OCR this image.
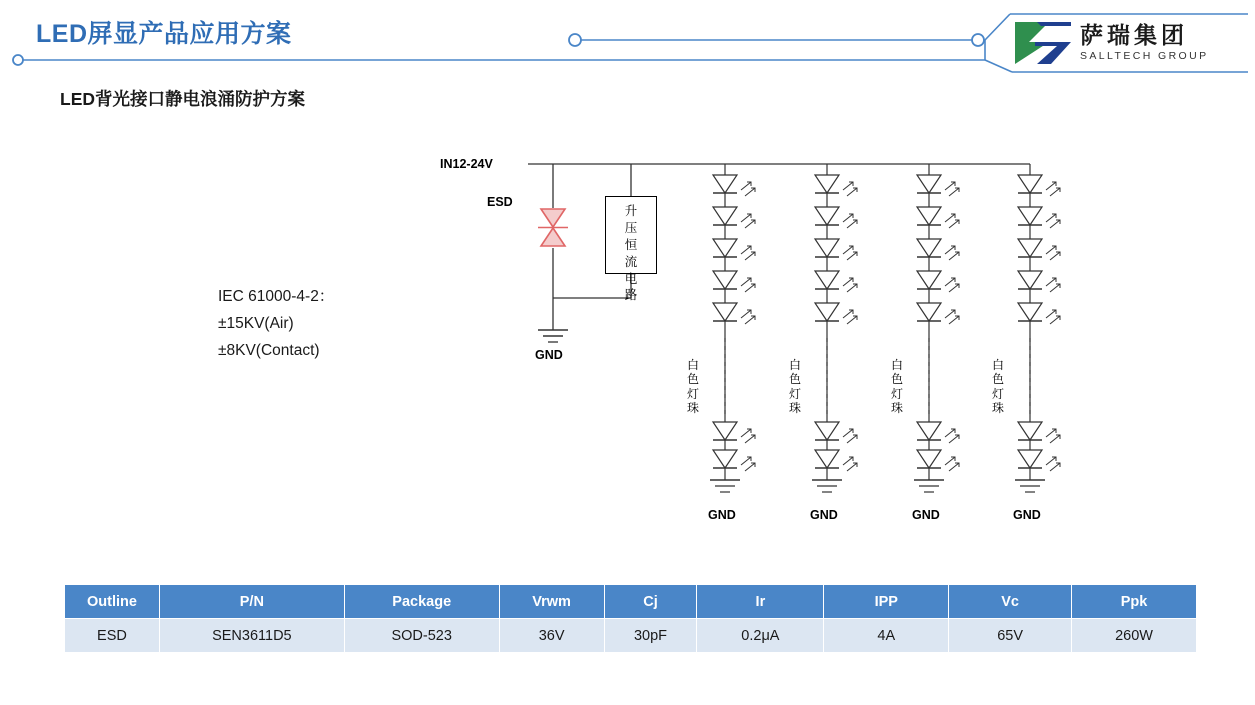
LED屏显产品应用方案	萨瑞集团
SALLTECH GROUP
LED背光接口静电浪涌防护方案
IEC 61000-4-2：
±15KV(Air)
±8KV(Contact)
IN12-24V
ESD
GND
升
压
恒
流
电
路
白
色
灯
珠
白
色
灯
珠
白
色
灯
珠
白
色
灯
珠
GND	GND	GND	GND
Outline	P/N	Package	Vrwm	Cj	Ir	IPP	Vc	Ppk
ESD	SEN3611D5	SOD-523	36V	30pF	0.2μA	4A	65V	260W
